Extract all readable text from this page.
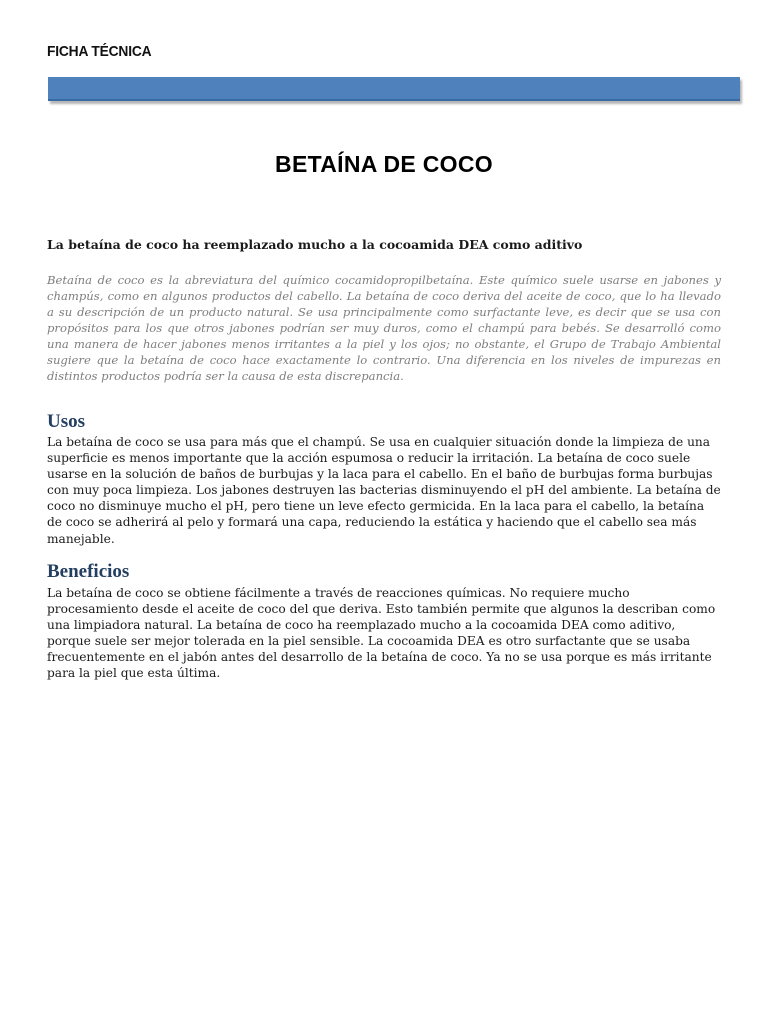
FICHA TÉCNICA
BETAÍNA DE COCO
La betaína de coco ha reemplazado mucho a la cocoamida DEA como aditivo

Betaína de coco es la abreviatura del químico cocamidopropilbetaína. Este químico suele usarse en jabones y champús, como en algunos productos del cabello. La betaína de coco deriva del aceite de coco, que lo ha llevado a su descripción de un producto natural. Se usa principalmente como surfactante leve, es decir que se usa con propósitos para los que otros jabones podrían ser muy duros, como el champú para bebés. Se desarrolló como una manera de hacer jabones menos irritantes a la piel y los ojos; no obstante, el Grupo de Trabajo Ambiental sugiere que la betaína de coco hace exactamente lo contrario. Una diferencia en los niveles de impurezas en distintos productos podría ser la causa de esta discrepancia.

Usos

La betaína de coco se usa para más que el champú. Se usa en cualquier situación donde la limpieza de una superficie es menos importante que la acción espumosa o reducir la irritación. La betaína de coco suele usarse en la solución de baños de burbujas y la laca para el cabello. En el baño de burbujas forma burbujas con muy poca limpieza. Los jabones destruyen las bacterias disminuyendo el pH del ambiente. La betaína de coco no disminuye mucho el pH, pero tiene un leve efecto germicida. En la laca para el cabello, la betaína de coco se adherirá al pelo y formará una capa, reduciendo la estática y haciendo que el cabello sea más manejable.

Beneficios

La betaína de coco se obtiene fácilmente a través de reacciones químicas. No requiere mucho procesamiento desde el aceite de coco del que deriva. Esto también permite que algunos la describan como una limpiadora natural. La betaína de coco ha reemplazado mucho a la cocoamida DEA como aditivo, porque suele ser mejor tolerada en la piel sensible. La cocoamida DEA es otro surfactante que se usaba frecuentemente en el jabón antes del desarrollo de la betaína de coco. Ya no se usa porque es más irritante para la piel que esta última.
